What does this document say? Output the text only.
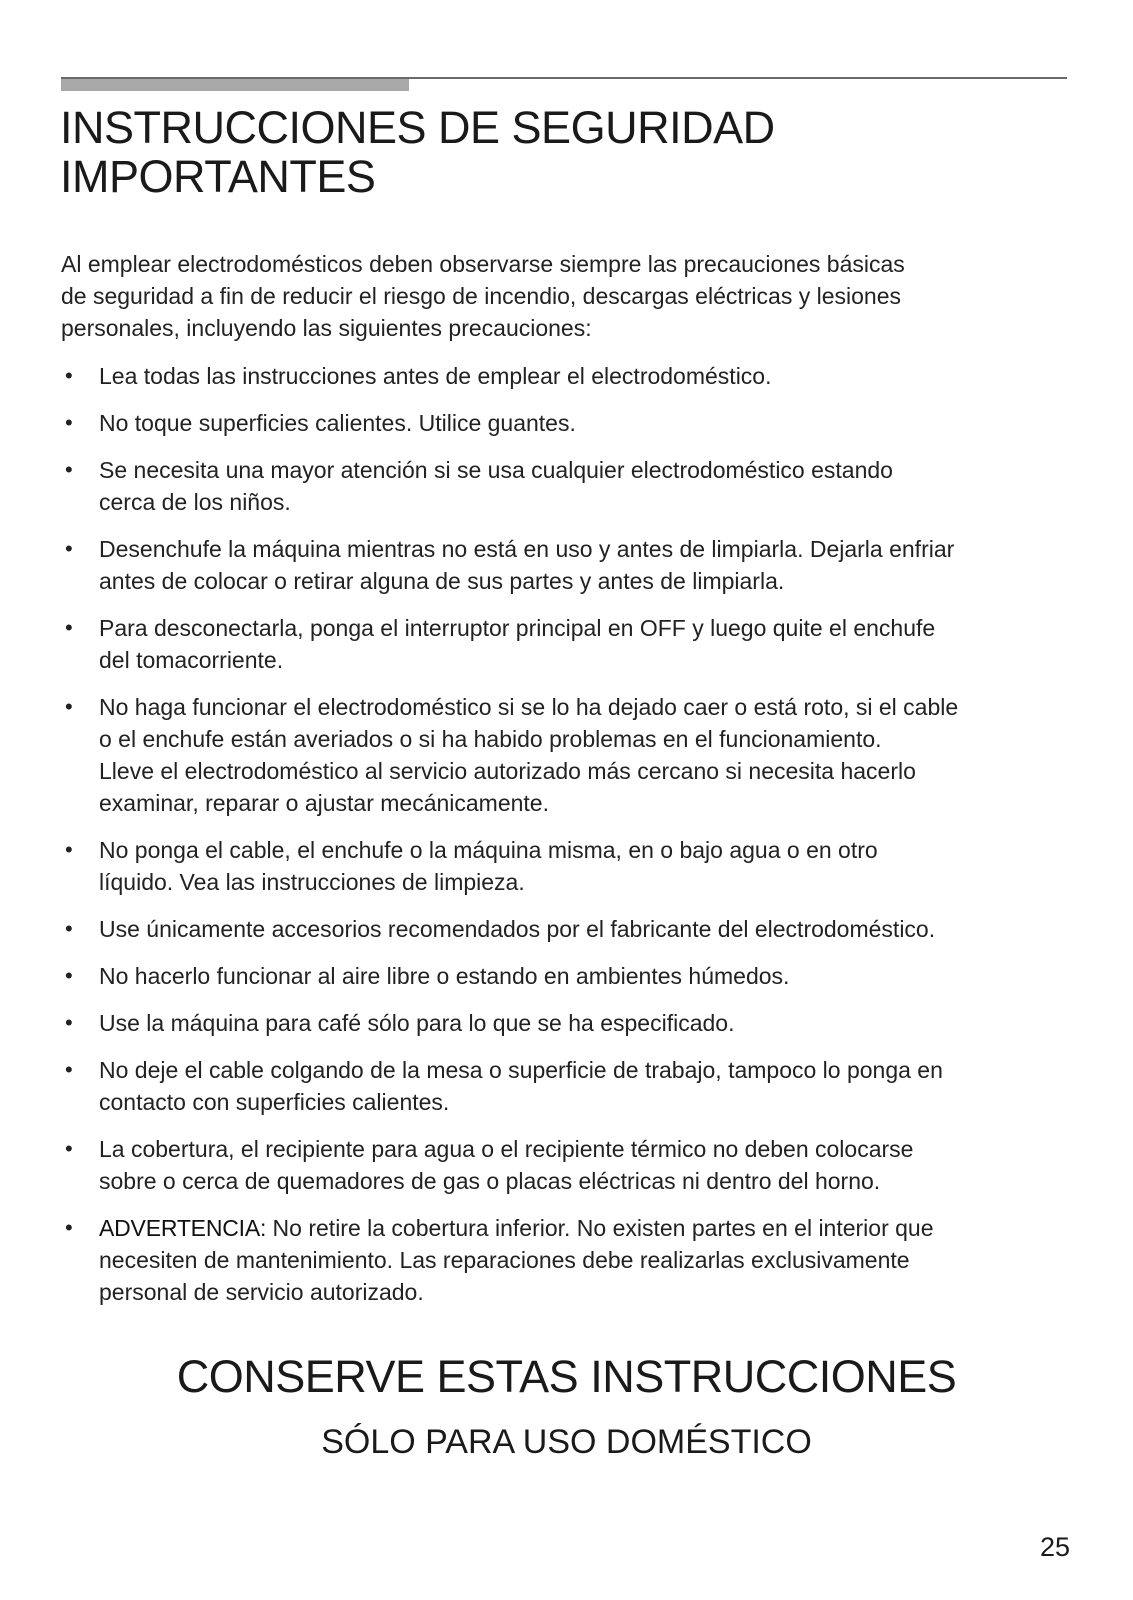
INSTRUCCIONES DE SEGURIDAD
IMPORTANTES

Al emplear electrodomésticos deben observarse siempre las precauciones básicas
de seguridad a fin de reducir el riesgo de incendio, descargas eléctricas y lesiones
personales, incluyendo las siguientes precauciones:

• Lea todas las instrucciones antes de emplear el electrodoméstico.
• No toque superficies calientes. Utilice guantes.
• Se necesita una mayor atención si se usa cualquier electrodoméstico estando
cerca de los niños.
• Desenchufe la máquina mientras no está en uso y antes de limpiarla. Dejarla enfriar
antes de colocar o retirar alguna de sus partes y antes de limpiarla.
• Para desconectarla, ponga el interruptor principal en OFF y luego quite el enchufe
del tomacorriente.
• No haga funcionar el electrodoméstico si se lo ha dejado caer o está roto, si el cable
o el enchufe están averiados o si ha habido problemas en el funcionamiento.
Lleve el electrodoméstico al servicio autorizado más cercano si necesita hacerlo
examinar, reparar o ajustar mecánicamente.
• No ponga el cable, el enchufe o la máquina misma, en o bajo agua o en otro
líquido. Vea las instrucciones de limpieza.
• Use únicamente accesorios recomendados por el fabricante del electrodoméstico.
• No hacerlo funcionar al aire libre o estando en ambientes húmedos.
• Use la máquina para café sólo para lo que se ha especificado.
• No deje el cable colgando de la mesa o superficie de trabajo, tampoco lo ponga en
contacto con superficies calientes.
• La cobertura, el recipiente para agua o el recipiente térmico no deben colocarse
sobre o cerca de quemadores de gas o placas eléctricas ni dentro del horno.
• ADVERTENCIA: No retire la cobertura inferior. No existen partes en el interior que
necesiten de mantenimiento. Las reparaciones debe realizarlas exclusivamente
personal de servicio autorizado.
CONSERVE ESTAS INSTRUCCIONES
SÓLO PARA USO DOMÉSTICO
25
